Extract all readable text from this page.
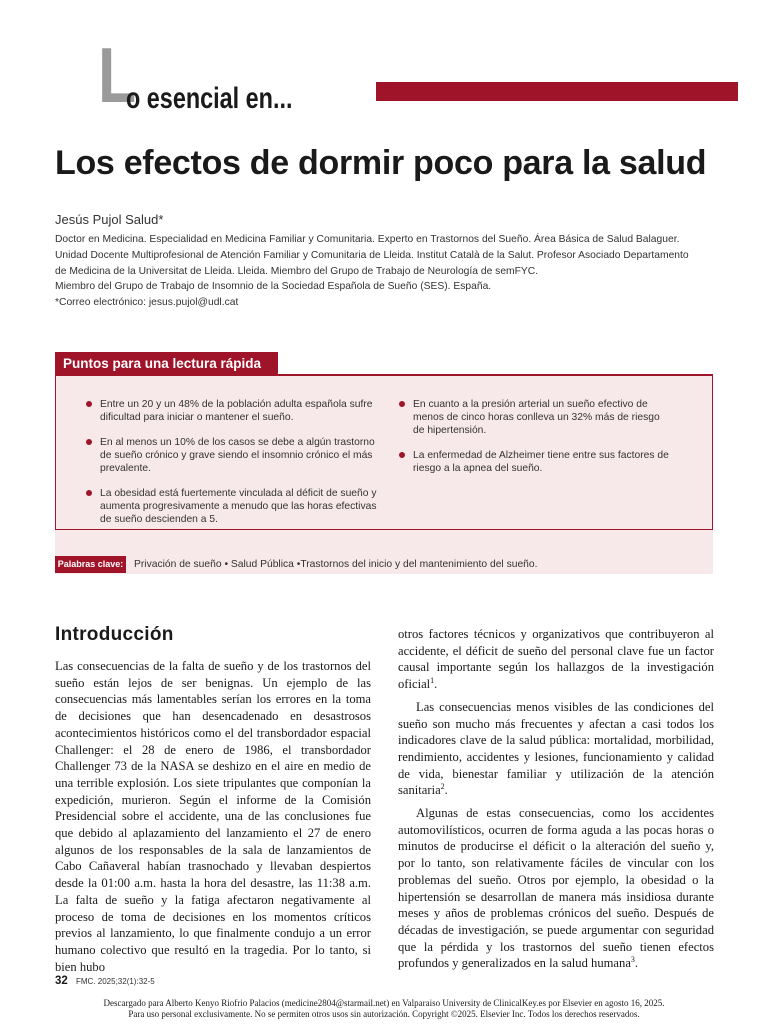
L
o esencial en...
Los efectos de dormir poco para la salud
Jesús Pujol Salud*
Doctor en Medicina. Especialidad en Medicina Familiar y Comunitaria. Experto en Trastornos del Sueño. Área Básica de Salud Balaguer.
Unidad Docente Multiprofesional de Atención Familiar y Comunitaria de Lleida. Institut Català de la Salut. Profesor Asociado Departamento
de Medicina de la Universitat de Lleida. Lleida. Miembro del Grupo de Trabajo de Neurología de semFYC.
Miembro del Grupo de Trabajo de Insomnio de la Sociedad Española de Sueño (SES). España.
*Correo electrónico: jesus.pujol@udl.cat
Puntos para una lectura rápida
Entre un 20 y un 48% de la población adulta española sufre dificultad para iniciar o mantener el sueño.
En al menos un 10% de los casos se debe a algún trastorno de sueño crónico y grave siendo el insomnio crónico el más prevalente.
La obesidad está fuertemente vinculada al déficit de sueño y aumenta progresivamente a menudo que las horas efectivas de sueño descienden a 5.
En cuanto a la presión arterial un sueño efectivo de menos de cinco horas conlleva un 32% más de riesgo de hipertensión.
La enfermedad de Alzheimer tiene entre sus factores de riesgo a la apnea del sueño.
Palabras clave: Privación de sueño • Salud Pública •Trastornos del inicio y del mantenimiento del sueño.
Introducción

Las consecuencias de la falta de sueño y de los trastornos del sueño están lejos de ser benignas. Un ejemplo de las consecuencias más lamentables serían los errores en la toma de decisiones que han desencadenado en desastrosos acontecimientos históricos como el del transbordador espacial Challenger: el 28 de enero de 1986, el transbordador Challenger 73 de la NASA se deshizo en el aire en medio de una terrible explosión. Los siete tripulantes que componían la expedición, murieron. Según el informe de la Comisión Presidencial sobre el accidente, una de las conclusiones fue que debido al aplazamiento del lanzamiento el 27 de enero algunos de los responsables de la sala de lanzamientos de Cabo Cañaveral habían trasnochado y llevaban despiertos desde la 01:00 a.m. hasta la hora del desastre, las 11:38 a.m. La falta de sueño y la fatiga afectaron negativamente al proceso de toma de decisiones en los momentos críticos previos al lanzamiento, lo que finalmente condujo a un error humano colectivo que resultó en la tragedia. Por lo tanto, si bien hubo

otros factores técnicos y organizativos que contribuyeron al accidente, el déficit de sueño del personal clave fue un factor causal importante según los hallazgos de la investigación oficial$^1$.

Las consecuencias menos visibles de las condiciones del sueño son mucho más frecuentes y afectan a casi todos los indicadores clave de la salud pública: mortalidad, morbilidad, rendimiento, accidentes y lesiones, funcionamiento y calidad de vida, bienestar familiar y utilización de la atención sanitaria$^2$.

Algunas de estas consecuencias, como los accidentes automovilísticos, ocurren de forma aguda a las pocas horas o minutos de producirse el déficit o la alteración del sueño y, por lo tanto, son relativamente fáciles de vincular con los problemas del sueño. Otros por ejemplo, la obesidad o la hipertensión se desarrollan de manera más insidiosa durante meses y años de problemas crónicos del sueño. Después de décadas de investigación, se puede argumentar con seguridad que la pérdida y los trastornos del sueño tienen efectos profundos y generalizados en la salud humana$^3$.

32 FMC. 2025;32(1):32-5
Descargado para Alberto Kenyo Riofrio Palacios (medicine2804@starmail.net) en Valparaiso University de ClinicalKey.es por Elsevier en agosto 16, 2025.
Para uso personal exclusivamente. No se permiten otros usos sin autorización. Copyright ©2025. Elsevier Inc. Todos los derechos reservados.
